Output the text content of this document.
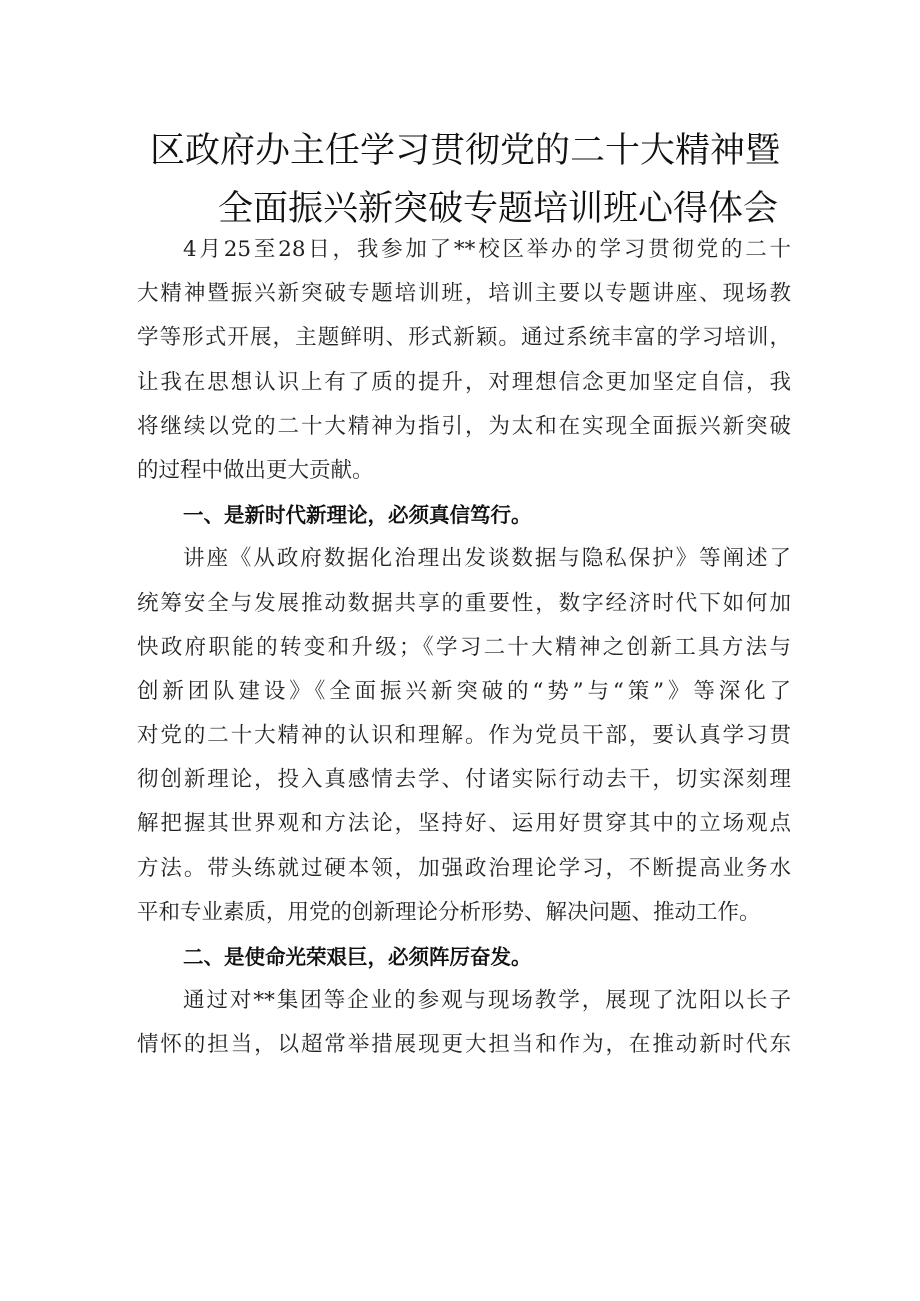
区政府办主任学习贯彻党的二十大精神暨
全面振兴新突破专题培训班心得体会
4月25至28日，我参加了**校区举办的学习贯彻党的二十
大精神暨振兴新突破专题培训班，培训主要以专题讲座、现场教
学等形式开展，主题鲜明、形式新颖。通过系统丰富的学习培训，
让我在思想认识上有了质的提升，对理想信念更加坚定自信，我
将继续以党的二十大精神为指引，为太和在实现全面振兴新突破
的过程中做出更大贡献。
一、是新时代新理论，必须真信笃行。
讲座《从政府数据化治理出发谈数据与隐私保护》等阐述了
统筹安全与发展推动数据共享的重要性，数字经济时代下如何加
快政府职能的转变和升级；《学习二十大精神之创新工具方法与
创新团队建设》《全面振兴新突破的“势”与“策”》等深化了
对党的二十大精神的认识和理解。作为党员干部，要认真学习贯
彻创新理论，投入真感情去学、付诸实际行动去干，切实深刻理
解把握其世界观和方法论，坚持好、运用好贯穿其中的立场观点
方法。带头练就过硬本领，加强政治理论学习，不断提高业务水
平和专业素质，用党的创新理论分析形势、解决问题、推动工作。
二、是使命光荣艰巨，必须阵厉奋发。
通过对**集团等企业的参观与现场教学，展现了沈阳以长子
情怀的担当，以超常举措展现更大担当和作为，在推动新时代东
